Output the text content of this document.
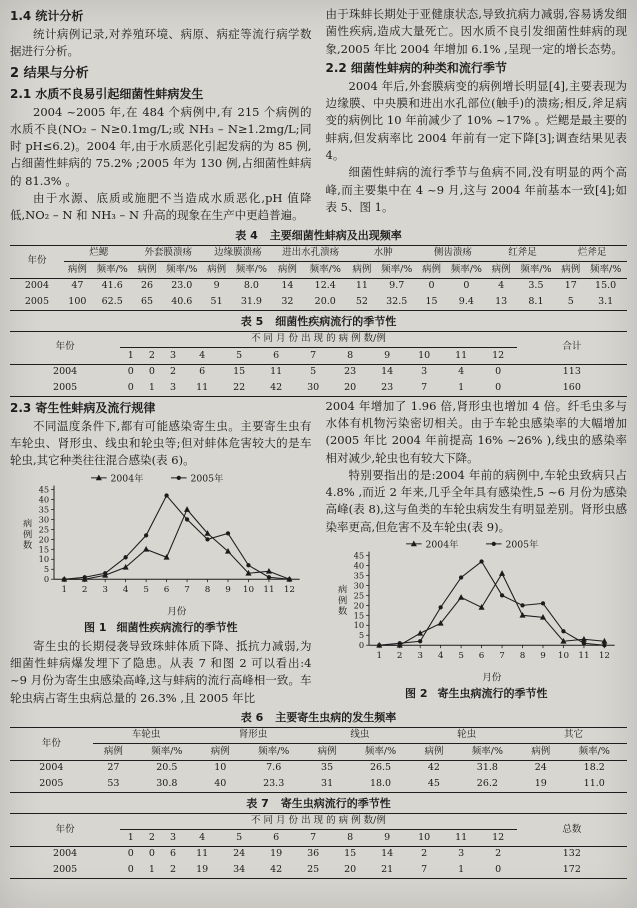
1.4 统计分析

统计病例记录,对养殖环境、病原、病症等流行病学数据进行分析。

2 结果与分析
2.1 水质不良易引起细菌性蚌病发生

2004 ~2005 年,在 484 个病例中,有 215 个病例的水质不良(NO₂ – N≥0.1mg/L;或 NH₃ – N≥1.2mg/L;同时 pH≤6.2)。2004 年,由于水质恶化引起发病的为 85 例,占细菌性蚌病的 75.2% ;2005 年为 130 例,占细菌性蚌病的 81.3% 。

由于水源、底质或施肥不当造成水质恶化,pH 值降低,NO₂ – N 和 NH₃ – N 升高的现象在生产中更趋普遍。

由于珠蚌长期处于亚健康状态,导致抗病力减弱,容易诱发细菌性疾病,造成大量死亡。因水质不良引发细菌性蚌病的现象,2005 年比 2004 年增加 6.1% ,呈现一定的增长态势。

2.2 细菌性蚌病的种类和流行季节

2004 年后,外套膜病变的病例增长明显[4],主要表现为边缘膜、中央膜和进出水孔部位(触手)的溃疡;相反,斧足病变的病例比 10 年前减少了 10% ~17% 。烂鳃是最主要的蚌病,但发病率比 2004 年前有一定下降[3];调查结果见表 4。

细菌性蚌病的流行季节与鱼病不同,没有明显的两个高峰,而主要集中在 4 ~9 月,这与 2004 年前基本一致[4];如表 5、图 1。

表 4 主要细菌性蚌病及出现频率
年份	烂鳃		外套膜溃疡		边缘膜溃疡		进出水孔溃疡		水肿		侧齿溃疡		红斧足		烂斧足	
	病例	频率/%	病例	频率/%	病例	频率/%	病例	频率/%	病例	频率/%	病例	频率/%	病例	频率/%	病例	频率/%
2004	47	41.6	26	23.0	9	8.0	14	12.4	11	9.7	0	0	4	3.5	17	15.0
2005	100	62.5	65	40.6	51	31.9	32	20.0	52	32.5	15	9.4	13	8.1	5	3.1
表 5 细菌性疾病流行的季节性
年份	不 同 月 份 出 现 的 病 例 数/例												合计
	1	2	3	4	5	6	7	8	9	10	11	12	
2004	0	0	2	6	15	11	5	23	14	3	4	0	113
2005	0	1	3	11	22	42	30	20	23	7	1	0	160
2.3 寄生性蚌病及流行规律

不同温度条件下,都有可能感染寄生虫。主要寄生虫有车轮虫、肾形虫、线虫和轮虫等;但对蚌体危害较大的是车轮虫,其它种类往往混合感染(表 6)。

0
5
10
15
20
25
30
35
40
45
1 2 3 4 5 6 7 8 9 10 11 12
病
例
数
月份
2004年	2005年
图 1 细菌性疾病流行的季节性

寄生虫的长期侵袭导致珠蚌体质下降、抵抗力减弱,为细菌性蚌病爆发埋下了隐患。从表 7 和图 2 可以看出:4 ~9 月份为寄生虫感染高峰,这与蚌病的流行高峰相一致。车轮虫病占寄生虫病总量的 26.3% ,且 2005 年比

2004 年增加了 1.96 倍,肾形虫也增加 4 倍。纤毛虫多与水体有机物污染密切相关。由于车轮虫感染率的大幅增加(2005 年比 2004 年前提高 16% ~26% ),线虫的感染率相对减少,轮虫也有较大下降。

特别要指出的是:2004 年前的病例中,车轮虫致病只占 4.8% ,而近 2 年来,几乎全年具有感染性,5 ~6 月份为感染高峰(表 8),这与鱼类的车轮虫病发生有明显差别。肾形虫感染率更高,但危害不及车轮虫(表 9)。

0
5
10
15
20
25
30
35
40
45
1 2 3 4 5 6 7 8 9 10 11 12
病
例
数
月份
2004年	2005年
图 2 寄生虫病流行的季节性
表 6 主要寄生虫病的发生频率
年份	车轮虫		肾形虫		线虫		轮虫		其它	
	病例	频率/%	病例	频率/%	病例	频率/%	病例	频率/%	病例	频率/%
2004	27	20.5	10	7.6	35	26.5	42	31.8	24	18.2
2005	53	30.8	40	23.3	31	18.0	45	26.2	19	11.0
表 7 寄生虫病流行的季节性
年份	不 同 月 份 出 现 的 病 例 数/例												总数
	1	2	3	4	5	6	7	8	9	10	11	12	
2004	0	0	6	11	24	19	36	15	14	2	3	2	132
2005	0	1	2	19	34	42	25	20	21	7	1	0	172
